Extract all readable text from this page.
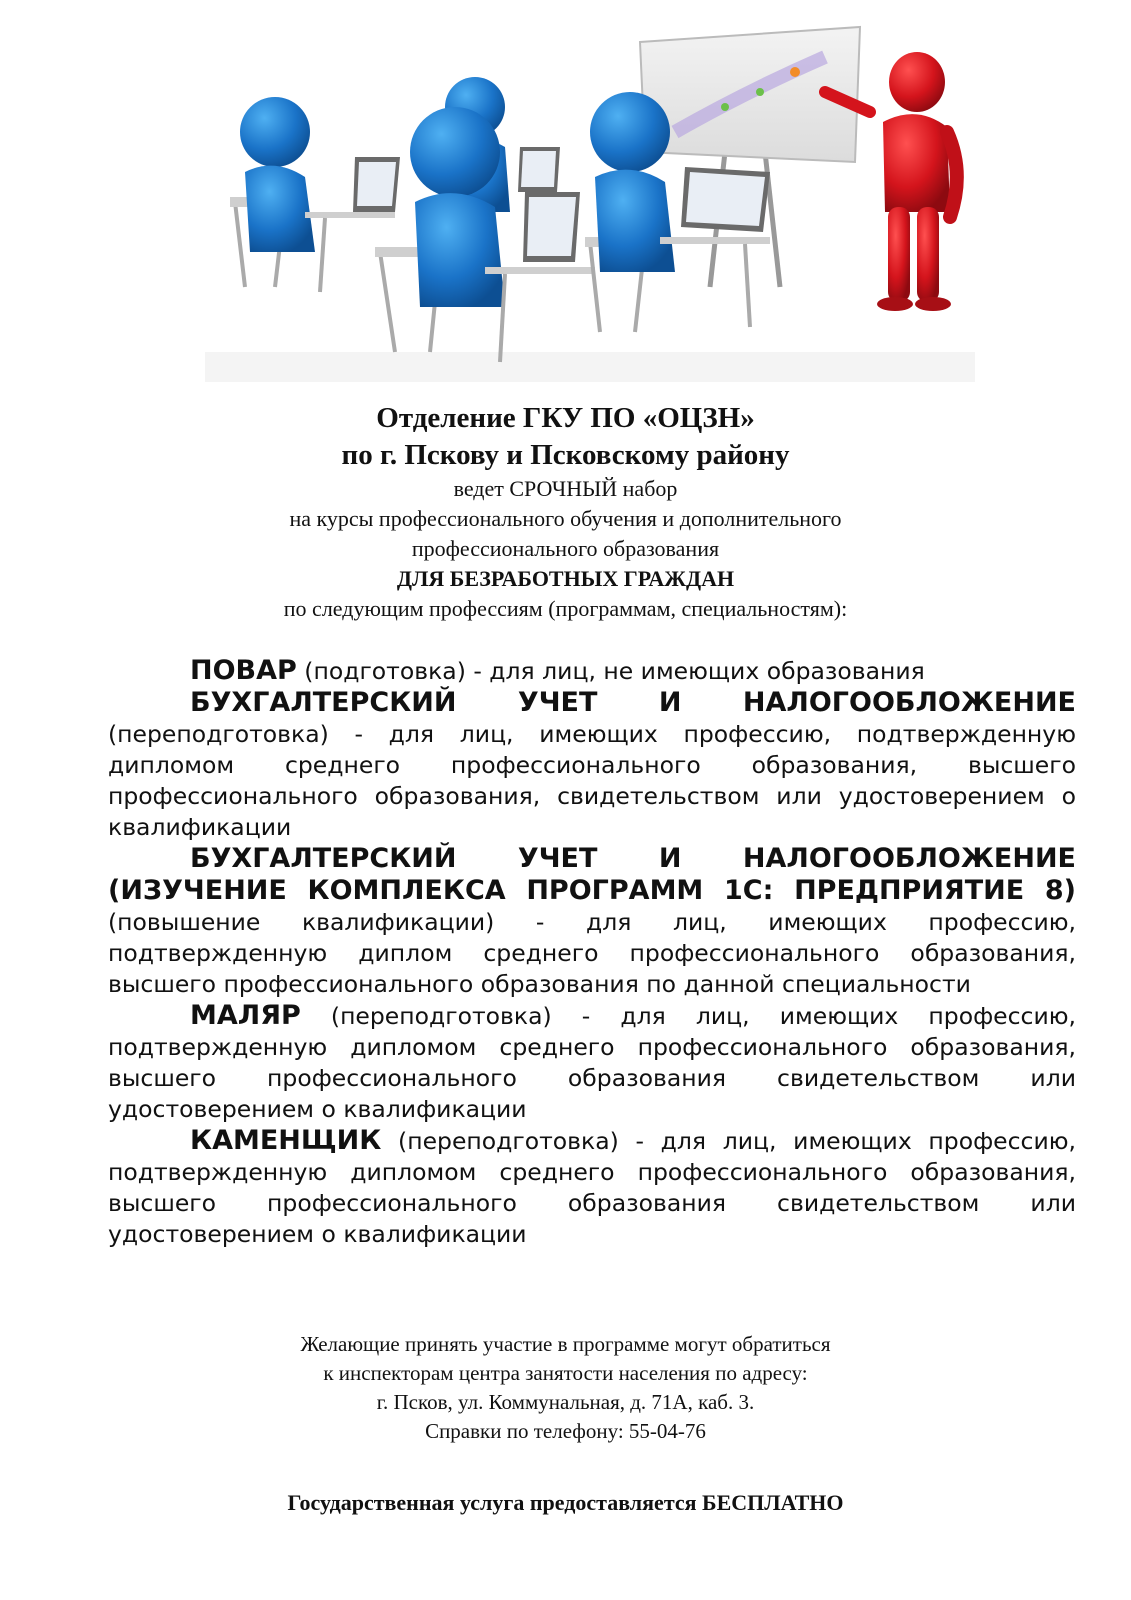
Отделение ГКУ ПО «ОЦЗН»
по г. Пскову и Псковскому району
ведет СРОЧНЫЙ набор
на курсы профессионального обучения и дополнительного
профессионального образования
ДЛЯ БЕЗРАБОТНЫХ ГРАЖДАН
по следующим профессиям (программам, специальностям):

ПОВАР (подготовка) - для лиц, не имеющих образования

БУХГАЛТЕРСКИЙ УЧЕТ И НАЛОГООБЛОЖЕНИЕ (переподготовка) - для лиц, имеющих профессию, подтвержденную дипломом среднего профессионального образования, высшего профессионального образования, свидетельством или удостоверением о квалификации

БУХГАЛТЕРСКИЙ УЧЕТ И НАЛОГООБЛОЖЕНИЕ (ИЗУЧЕНИЕ КОМПЛЕКСА ПРОГРАММ 1С: ПРЕДПРИЯТИЕ 8) (повышение квалификации) - для лиц, имеющих профессию, подтвержденную диплом среднего профессионального образования, высшего профессионального образования по данной специальности

МАЛЯР (переподготовка) - для лиц, имеющих профессию, подтвержденную дипломом среднего профессионального образования, высшего профессионального образования свидетельством или удостоверением о квалификации

КАМЕНЩИК (переподготовка) - для лиц, имеющих профессию, подтвержденную дипломом среднего профессионального образования, высшего профессионального образования свидетельством или удостоверением о квалификации

Желающие принять участие в программе могут обратиться
к инспекторам центра занятости населения по адресу:
г. Псков, ул. Коммунальная, д. 71А, каб. 3.
Справки по телефону: 55-04-76
Государственная услуга предоставляется БЕСПЛАТНО
